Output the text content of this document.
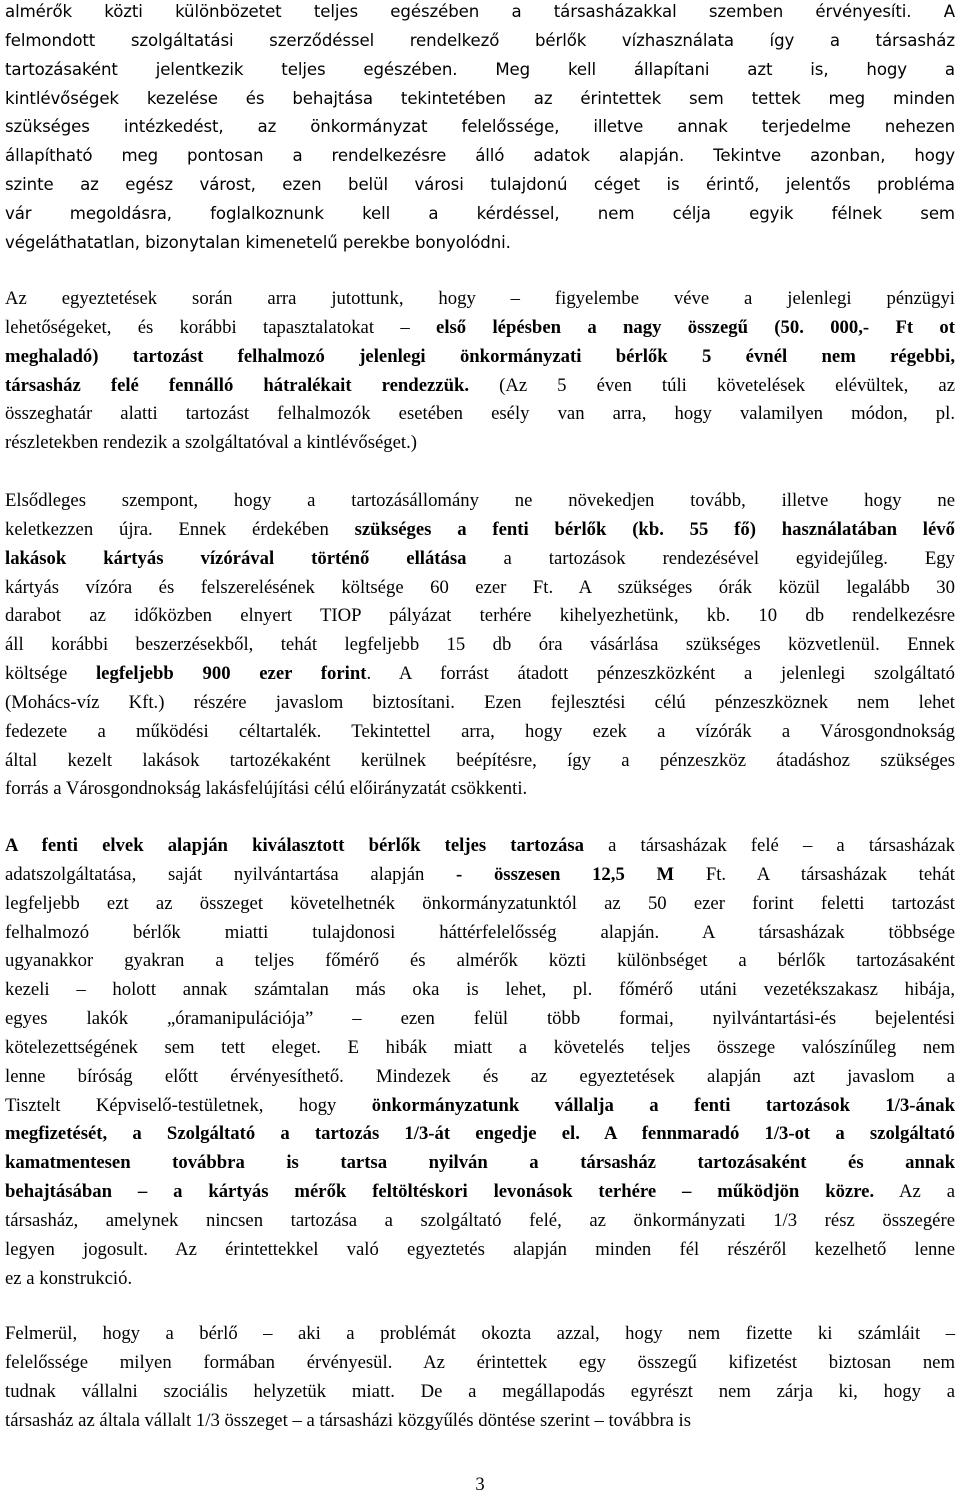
almérők közti különbözetet teljes egészében a társasházakkal szemben érvényesíti. A
felmondott szolgáltatási szerződéssel rendelkező bérlők vízhasználata így a társasház
tartozásaként jelentkezik teljes egészében. Meg kell állapítani azt is, hogy a
kintlévőségek kezelése és behajtása tekintetében az érintettek sem tettek meg minden
szükséges intézkedést, az önkormányzat felelőssége, illetve annak terjedelme nehezen
állapítható meg pontosan a rendelkezésre álló adatok alapján. Tekintve azonban, hogy
szinte az egész várost, ezen belül városi tulajdonú céget is érintő, jelentős probléma
vár megoldásra, foglalkoznunk kell a kérdéssel, nem célja egyik félnek sem
végeláthatatlan, bizonytalan kimenetelű perekbe bonyolódni.
Az egyeztetések során arra jutottunk, hogy – figyelembe véve a jelenlegi pénzügyi
lehetőségeket, és korábbi tapasztalatokat – első lépésben a nagy összegű (50. 000,- Ft ot
meghaladó) tartozást felhalmozó jelenlegi önkormányzati bérlők 5 évnél nem régebbi,
társasház felé fennálló hátralékait rendezzük. (Az 5 éven túli követelések elévültek, az
összeghatár alatti tartozást felhalmozók esetében esély van arra, hogy valamilyen módon, pl.
részletekben rendezik a szolgáltatóval a kintlévőséget.)
Elsődleges szempont, hogy a tartozásállomány ne növekedjen tovább, illetve hogy ne
keletkezzen újra. Ennek érdekében szükséges a fenti bérlők (kb. 55 fő) használatában lévő
lakások kártyás vízórával történő ellátása a tartozások rendezésével egyidejűleg. Egy
kártyás vízóra és felszerelésének költsége 60 ezer Ft. A szükséges órák közül legalább 30
darabot az időközben elnyert TIOP pályázat terhére kihelyezhetünk, kb. 10 db rendelkezésre
áll korábbi beszerzésekből, tehát legfeljebb 15 db óra vásárlása szükséges közvetlenül. Ennek
költsége legfeljebb 900 ezer forint. A forrást átadott pénzeszközként a jelenlegi szolgáltató
(Mohács-víz Kft.) részére javaslom biztosítani. Ezen fejlesztési célú pénzeszköznek nem lehet
fedezete a működési céltartalék. Tekintettel arra, hogy ezek a vízórák a Városgondnokság
által kezelt lakások tartozékaként kerülnek beépítésre, így a pénzeszköz átadáshoz szükséges
forrás a Városgondnokság lakásfelújítási célú előirányzatát csökkenti.
A fenti elvek alapján kiválasztott bérlők teljes tartozása a társasházak felé – a társasházak
adatszolgáltatása, saját nyilvántartása alapján - összesen 12,5 M Ft. A társasházak tehát
legfeljebb ezt az összeget követelhetnék önkormányzatunktól az 50 ezer forint feletti tartozást
felhalmozó bérlők miatti tulajdonosi háttérfelelősség alapján. A társasházak többsége
ugyanakkor gyakran a teljes főmérő és almérők közti különbséget a bérlők tartozásaként
kezeli – holott annak számtalan más oka is lehet, pl. főmérő utáni vezetékszakasz hibája,
egyes lakók „óramanipulációja” – ezen felül több formai, nyilvántartási-és bejelentési
kötelezettségének sem tett eleget. E hibák miatt a követelés teljes összege valószínűleg nem
lenne bíróság előtt érvényesíthető. Mindezek és az egyeztetések alapján azt javaslom a
Tisztelt Képviselő-testületnek, hogy önkormányzatunk vállalja a fenti tartozások 1/3-ának
megfizetését, a Szolgáltató a tartozás 1/3-át engedje el. A fennmaradó 1/3-ot a szolgáltató
kamatmentesen továbbra is tartsa nyilván a társasház tartozásaként és annak
behajtásában – a kártyás mérők feltöltéskori levonások terhére – működjön közre. Az a
társasház, amelynek nincsen tartozása a szolgáltató felé, az önkormányzati 1/3 rész összegére
legyen jogosult. Az érintettekkel való egyeztetés alapján minden fél részéről kezelhető lenne
ez a konstrukció.
Felmerül, hogy a bérlő – aki a problémát okozta azzal, hogy nem fizette ki számláit –
felelőssége milyen formában érvényesül. Az érintettek egy összegű kifizetést biztosan nem
tudnak vállalni szociális helyzetük miatt. De a megállapodás egyrészt nem zárja ki, hogy a
társasház az általa vállalt 1/3 összeget – a társasházi közgyűlés döntése szerint – továbbra is
3
